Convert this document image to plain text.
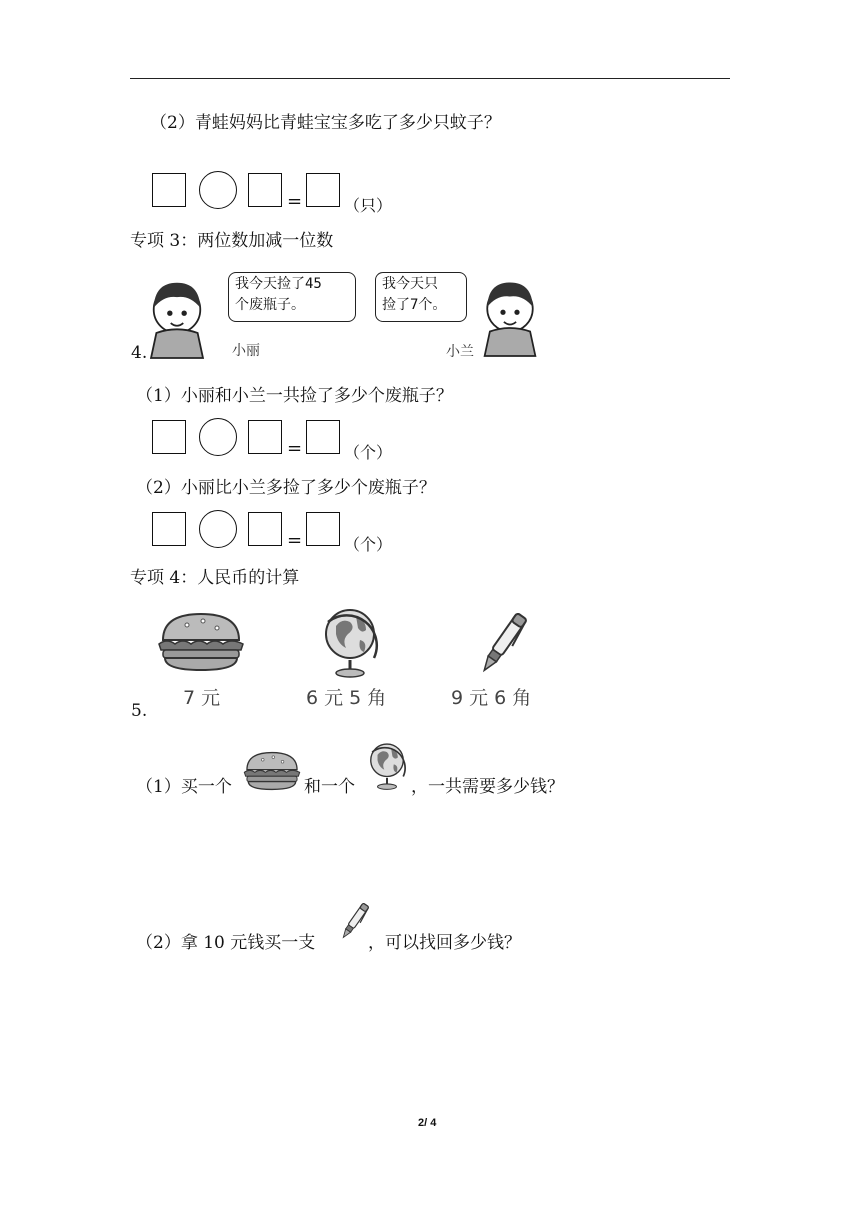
（2）青蛙妈妈比青蛙宝宝多吃了多少只蚊子？
=	（只）
专项 3：两位数加减一位数
我今天捡了45
个废瓶子。
我今天只
捡了7个。
小丽	小兰
4.
（1）小丽和小兰一共捡了多少个废瓶子？
=	（个）
（2）小丽比小兰多捡了多少个废瓶子？
=	（个）
专项 4：人民币的计算
7 元	6 元 5 角	9 元 6 角
5.
（1）买一个	和一个	，一共需要多少钱？
（2）拿 10 元钱买一支	，可以找回多少钱？
2/ 4
